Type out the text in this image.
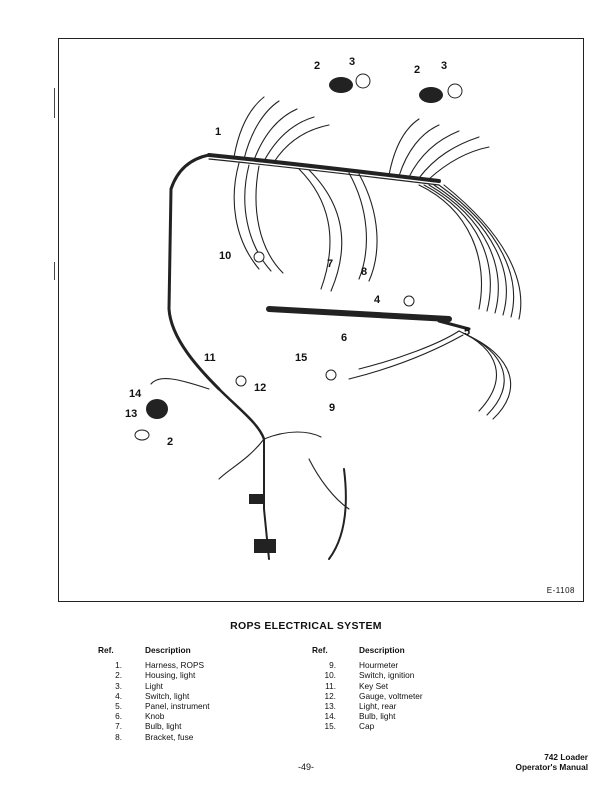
1
2	3
2 3
4
5
6
7
8
9
10
11
12
13
2
14
15
E-1108
ROPS ELECTRICAL SYSTEM
Ref.	Description
1.	Harness, ROPS
2.	Housing, light
3.	Light
4.	Switch, light
5.	Panel, instrument
6.	Knob
7.	Bulb, light
8.	Bracket, fuse
Ref.	Description
9.	Hourmeter
10.	Switch, ignition
11.	Key Set
12.	Gauge, voltmeter
13.	Light, rear
14.	Bulb, light
15.	Cap
-49-
742 Loader
Operator's Manual
